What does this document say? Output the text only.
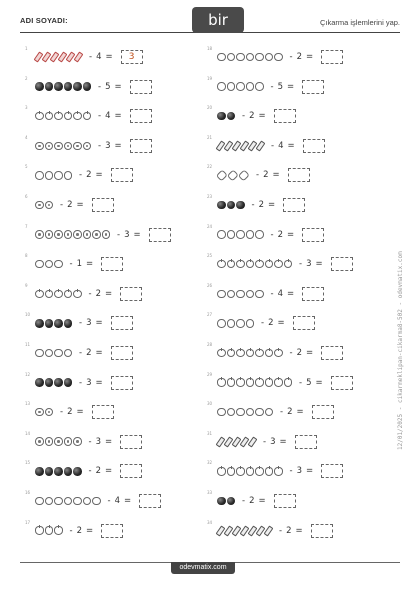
ADI SOYADI:	bir	Çıkarma işlemlerini yap.
1
- 4 =	3
2
- 5 =
3
- 4 =
4
- 3 =
5
- 2 =
6
- 2 =
7
- 3 =
8
- 1 =
9
- 2 =
10
- 3 =
11
- 2 =
12
- 3 =
13
- 2 =
14
- 3 =
15
- 2 =
16
- 4 =
17
- 2 =
18
- 2 =
19
- 5 =
20
- 2 =
21
- 4 =
22
- 2 =
23
- 2 =
24
- 2 =
25
- 3 =
26
- 4 =
27
- 2 =
28
- 2 =
29
- 5 =
30
- 2 =
31
- 3 =
32
- 3 =
33
- 2 =
34
- 2 =
12/01/2025 - cikarmeklipan-cikarma8-502 - odevmatix.com
odevmatix.com
